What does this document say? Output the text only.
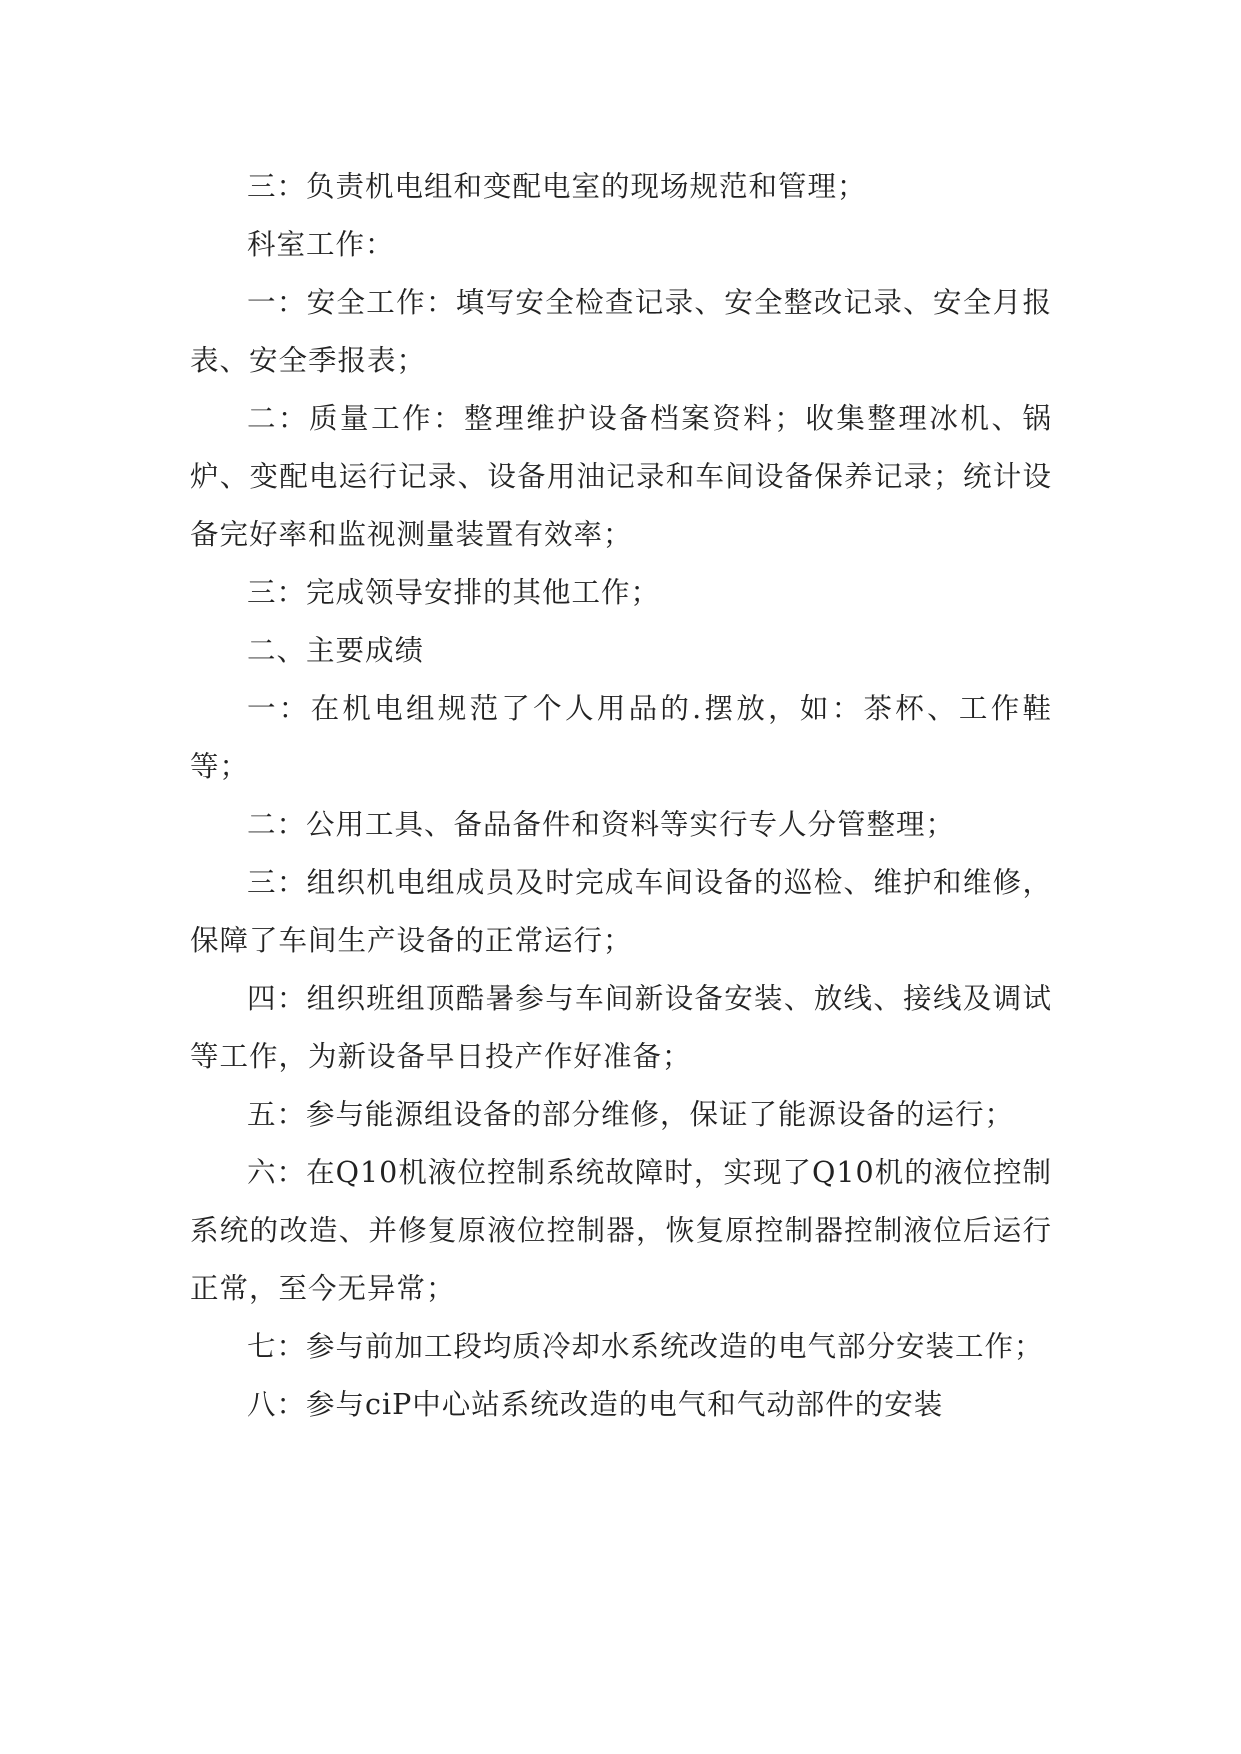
三：负责机电组和变配电室的现场规范和管理；

科室工作：

一：安全工作：填写安全检查记录、安全整改记录、安全月报表、安全季报表；

二：质量工作：整理维护设备档案资料；收集整理冰机、锅炉、变配电运行记录、设备用油记录和车间设备保养记录；统计设备完好率和监视测量装置有效率；

三：完成领导安排的其他工作；

二、主要成绩

一：在机电组规范了个人用品的.摆放，如：茶杯、工作鞋等；

二：公用工具、备品备件和资料等实行专人分管整理；

三：组织机电组成员及时完成车间设备的巡检、维护和维修，保障了车间生产设备的正常运行；

四：组织班组顶酷暑参与车间新设备安装、放线、接线及调试等工作，为新设备早日投产作好准备；

五：参与能源组设备的部分维修，保证了能源设备的运行；

六：在Q10机液位控制系统故障时，实现了Q10机的液位控制系统的改造、并修复原液位控制器，恢复原控制器控制液位后运行正常，至今无异常；

七：参与前加工段均质冷却水系统改造的电气部分安装工作；

八：参与ciP中心站系统改造的电气和气动部件的安装
